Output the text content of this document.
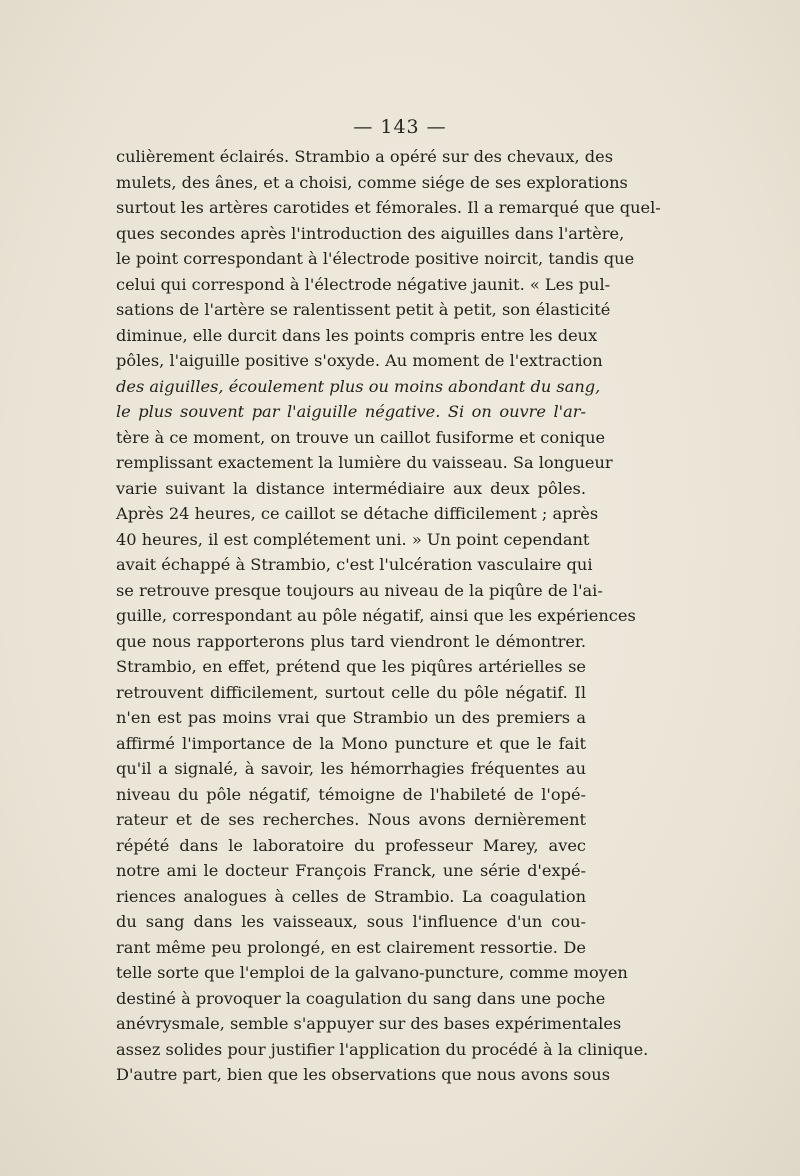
— 143 —
culièrement éclairés. Strambio a opéré sur des chevaux, des
mulets, des ânes, et a choisi, comme siége de ses explorations
surtout les artères carotides et fémorales. Il a remarqué que quel-
ques secondes après l'introduction des aiguilles dans l'artère,
le point correspondant à l'électrode positive noircit, tandis que
celui qui correspond à l'électrode négative jaunit. « Les pul-
sations de l'artère se ralentissent petit à petit, son élasticité
diminue, elle durcit dans les points compris entre les deux
pôles, l'aiguille positive s'oxyde. Au moment de l'extraction
des aiguilles, écoulement plus ou moins abondant du sang,
le plus souvent par l'aiguille négative. Si on ouvre l'ar-
tère à ce moment, on trouve un caillot fusiforme et conique
remplissant exactement la lumière du vaisseau. Sa longueur
varie suivant la distance intermédiaire aux deux pôles.
Après 24 heures, ce caillot se détache difficilement ; après
40 heures, il est complétement uni. » Un point cependant
avait échappé à Strambio, c'est l'ulcération vasculaire qui
se retrouve presque toujours au niveau de la piqûre de l'ai-
guille, correspondant au pôle négatif, ainsi que les expériences
que nous rapporterons plus tard viendront le démontrer.
Strambio, en effet, prétend que les piqûres artérielles se
retrouvent difficilement, surtout celle du pôle négatif. Il
n'en est pas moins vrai que Strambio un des premiers a
affirmé l'importance de la Mono puncture et que le fait
qu'il a signalé, à savoir, les hémorrhagies fréquentes au
niveau du pôle négatif, témoigne de l'habileté de l'opé-
rateur et de ses recherches. Nous avons dernièrement
répété dans le laboratoire du professeur Marey, avec
notre ami le docteur François Franck, une série d'expé-
riences analogues à celles de Strambio. La coagulation
du sang dans les vaisseaux, sous l'influence d'un cou-
rant même peu prolongé, en est clairement ressortie. De
telle sorte que l'emploi de la galvano-puncture, comme moyen
destiné à provoquer la coagulation du sang dans une poche
anévrysmale, semble s'appuyer sur des bases expérimentales
assez solides pour justifier l'application du procédé à la clinique.
D'autre part, bien que les observations que nous avons sous
